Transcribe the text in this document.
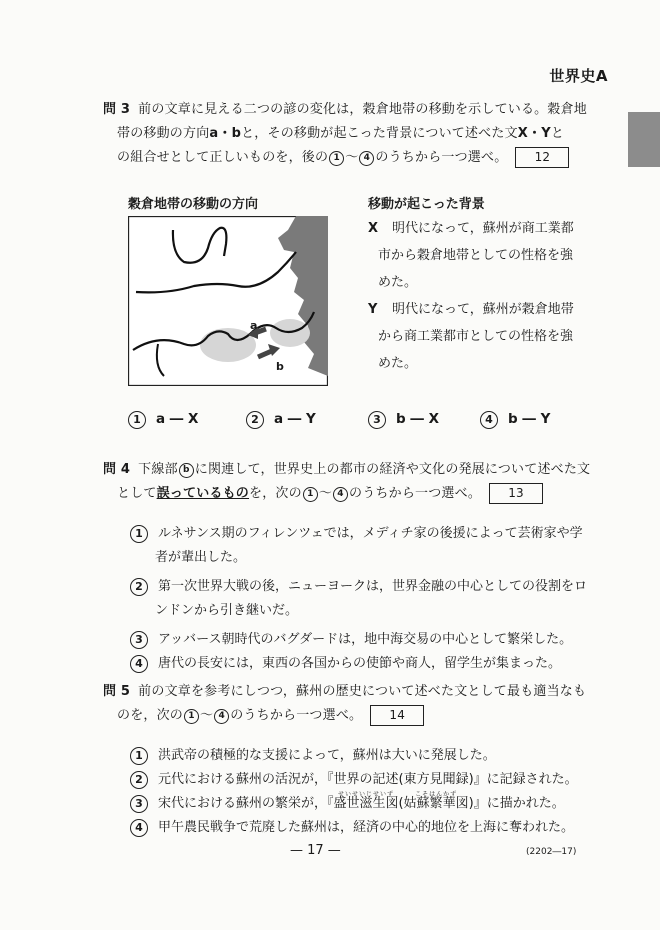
世界史A
問 3 前の文章に見える二つの諺の変化は，穀倉地帯の移動を示している。穀倉地
帯の移動の方向a・bと，その移動が起こった背景について述べた文X・Yと
の組合せとして正しいものを，後の 1 ～ 4 のうちから一つ選べ。 12
穀倉地帯の移動の方向	移動が起こった背景
a
b
X 明代になって，蘇州が商工業都
市から穀倉地帯としての性格を強
めた。
Y 明代になって，蘇州が穀倉地帯
から商工業都市としての性格を強
めた。
1 a ― X	2 a ― Y	3 b ― X	4 b ― Y
問 4 下線部 b に関連して，世界史上の都市の経済や文化の発展について述べた文
として誤っているものを，次の 1 ～ 4 のうちから一つ選べ。 13
1 ルネサンス期のフィレンツェでは，メディチ家の後援によって芸術家や学
者が輩出した。
2 第一次世界大戦の後，ニューヨークは，世界金融の中心としての役割をロ
ンドンから引き継いだ。
3 アッバース朝時代のバグダードは，地中海交易の中心として繁栄した。
4 唐代の長安には，東西の各国からの使節や商人，留学生が集まった。
問 5 前の文章を参考にしつつ，蘇州の歴史について述べた文として最も適当なも
のを，次の 1 ～ 4 のうちから一つ選べ。 14
1 洪武帝の積極的な支援によって，蘇州は大いに発展した。
2 元代における蘇州の活況が，『世界の記述(東方見聞録)』に記録された。
3 宋代における蘇州の繁栄が，『
せいせいじせいず
盛世滋生図(
こそはんかず
姑蘇繁華図)』に描かれた。
4 甲午農民戦争で荒廃した蘇州は，経済の中心的地位を上海に奪われた。
— 17 —	(2202―17)
